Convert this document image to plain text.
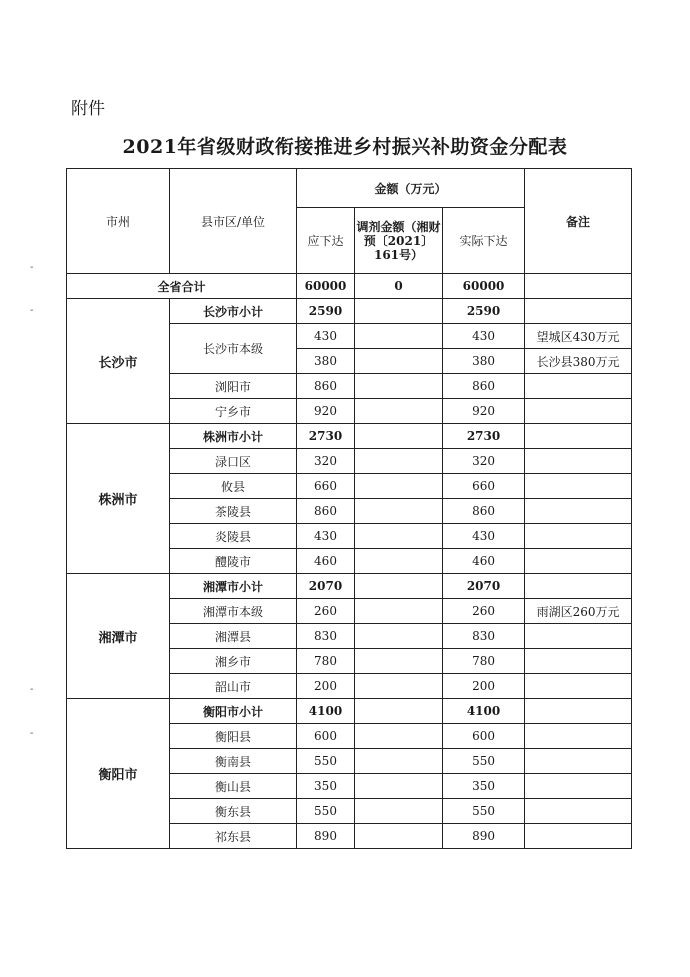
附件
2021年省级财政衔接推进乡村振兴补助资金分配表
-
-
-
-
市州	县市区/单位	金额（万元）			备注
		应下达	调剂金额（湘财预〔2021〕161号）	实际下达	
全省合计		60000	0	60000	
长沙市	长沙市小计	2590		2590	
	长沙市本级	430		430	望城区430万元
		380		380	长沙县380万元
	浏阳市	860		860	
	宁乡市	920		920	
株洲市	株洲市小计	2730		2730	
	渌口区	320		320	
	攸县	660		660	
	茶陵县	860		860	
	炎陵县	430		430	
	醴陵市	460		460	
湘潭市	湘潭市小计	2070		2070	
	湘潭市本级	260		260	雨湖区260万元
	湘潭县	830		830	
	湘乡市	780		780	
	韶山市	200		200	
衡阳市	衡阳市小计	4100		4100	
	衡阳县	600		600	
	衡南县	550		550	
	衡山县	350		350	
	衡东县	550		550	
	祁东县	890		890	
